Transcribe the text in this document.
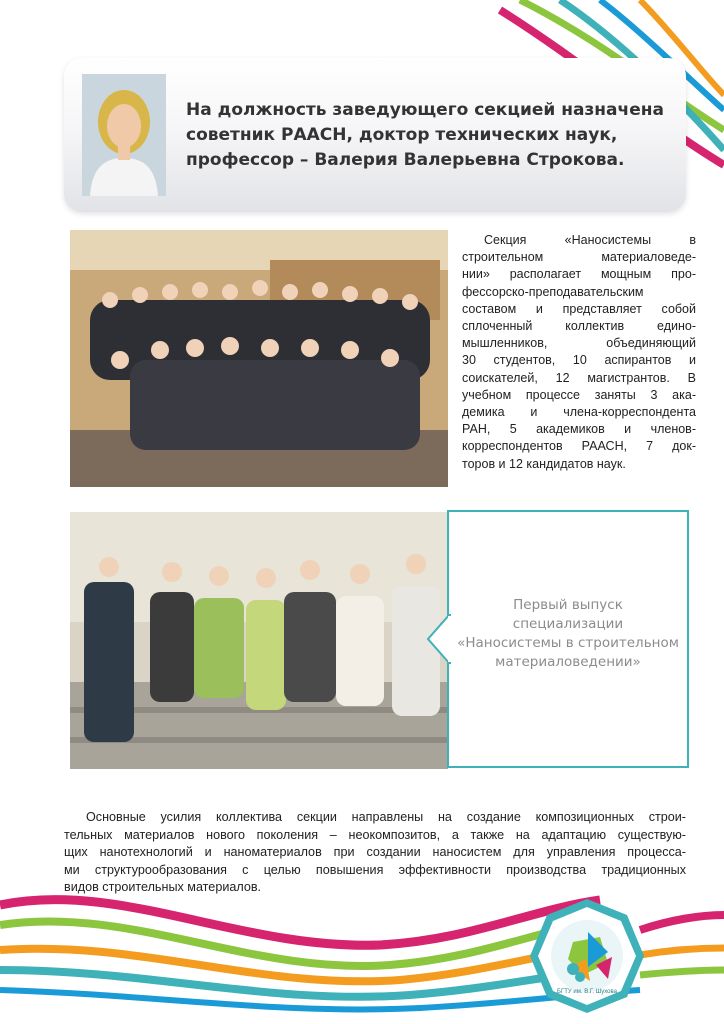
На должность заведующего секцией назначена
советник РААСН, доктор технических наук,
профессор – Валерия Валерьевна Строкова.
Секция «Наносистемы в
строительном материаловеде-
нии» располагает мощным про-
фессорско-преподавательским
составом и представляет собой
сплоченный коллектив едино-
мышленников, объединяющий
30 студентов, 10 аспирантов и
соискателей, 12 магистрантов. В
учебном процессе заняты 3 ака-
демика и члена-корреспондента
РАН, 5 академиков и членов-
корреспондентов РААСН, 7 док-
торов и 12 кандидатов наук.
Первый выпуск
специализации
«Наносистемы в строительном
материаловедении»
Основные усилия коллектива секции направлены на создание композиционных строи-
тельных материалов нового поколения – неокомпозитов, а также на адаптацию существую-
щих нанотехнологий и наноматериалов при создании наносистем для управления процесса-
ми структурообразования с целью повышения эффективности производства традиционных
видов строительных материалов.
БГТУ им. В.Г. Шухова
